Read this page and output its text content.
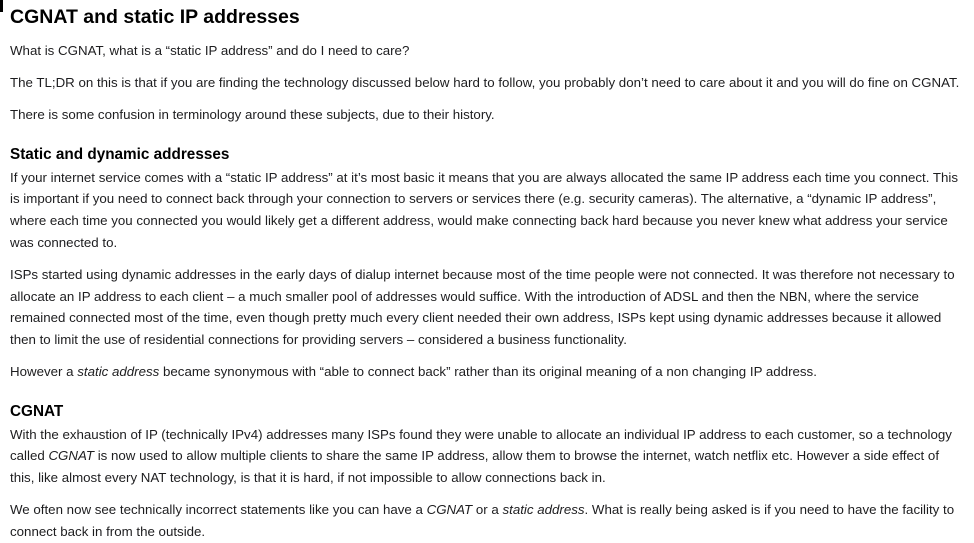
CGNAT and static IP addresses

What is CGNAT, what is a “static IP address” and do I need to care?

The TL;DR on this is that if you are finding the technology discussed below hard to follow, you probably don’t need to care about it and you will do fine on CGNAT.

There is some confusion in terminology around these subjects, due to their history.

Static and dynamic addresses

If your internet service comes with a “static IP address” at it’s most basic it means that you are always allocated the same IP address each time you connect. This is important if you need to connect back through your connection to servers or services there (e.g. security cameras). The alternative, a “dynamic IP address”, where each time you connected you would likely get a different address, would make connecting back hard because you never knew what address your service was connected to.

ISPs started using dynamic addresses in the early days of dialup internet because most of the time people were not connected. It was therefore not necessary to allocate an IP address to each client – a much smaller pool of addresses would suffice. With the introduction of ADSL and then the NBN, where the service remained connected most of the time, even though pretty much every client needed their own address, ISPs kept using dynamic addresses because it allowed then to limit the use of residential connections for providing servers – considered a business functionality.

However a static address became synonymous with “able to connect back” rather than its original meaning of a non changing IP address.

CGNAT

With the exhaustion of IP (technically IPv4) addresses many ISPs found they were unable to allocate an individual IP address to each customer, so a technology called CGNAT is now used to allow multiple clients to share the same IP address, allow them to browse the internet, watch netflix etc. However a side effect of this, like almost every NAT technology, is that it is hard, if not impossible to allow connections back in.

We often now see technically incorrect statements like you can have a CGNAT or a static address. What is really being asked is if you need to have the facility to connect back in from the outside.
